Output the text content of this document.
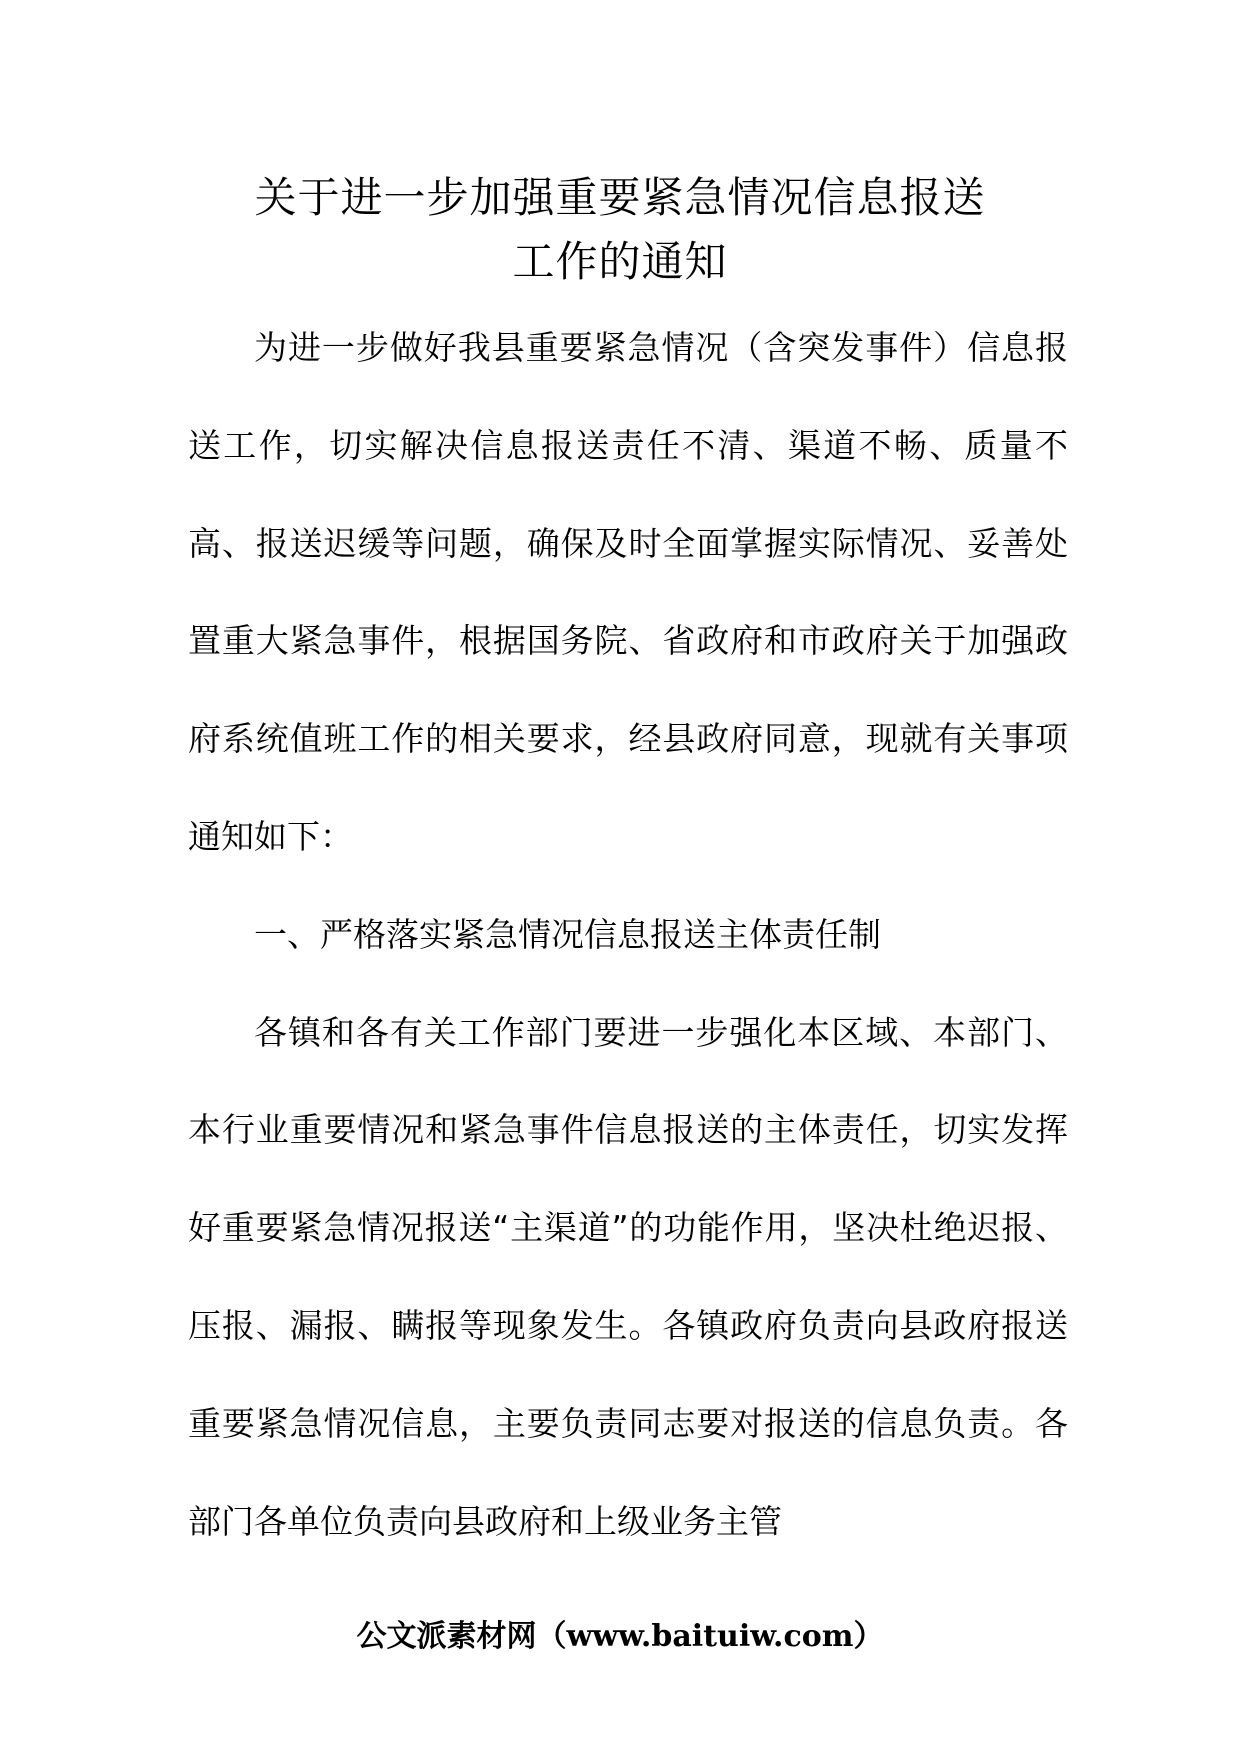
关于进一步加强重要紧急情况信息报送
工作的通知

为进一步做好我县重要紧急情况（含突发事件）信息报送工作，切实解决信息报送责任不清、渠道不畅、质量不高、报送迟缓等问题，确保及时全面掌握实际情况、妥善处置重大紧急事件，根据国务院、省政府和市政府关于加强政府系统值班工作的相关要求，经县政府同意，现就有关事项通知如下：

一、严格落实紧急情况信息报送主体责任制

各镇和各有关工作部门要进一步强化本区域、本部门、本行业重要情况和紧急事件信息报送的主体责任，切实发挥好重要紧急情况报送“主渠道”的功能作用，坚决杜绝迟报、压报、漏报、瞒报等现象发生。各镇政府负责向县政府报送重要紧急情况信息，主要负责同志要对报送的信息负责。各部门各单位负责向县政府和上级业务主管

公文派素材网（www.baituiw.com）
